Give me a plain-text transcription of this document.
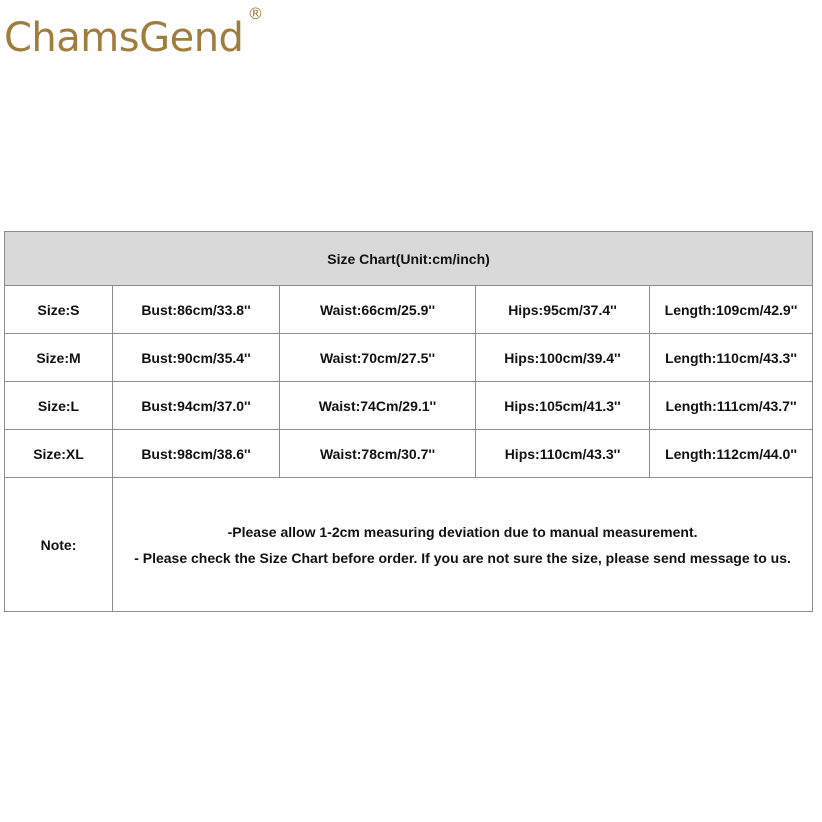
ChamsGend
®
Size Chart(Unit:cm/inch)				
Size:S	Bust:86cm/33.8''	Waist:66cm/25.9''	Hips:95cm/37.4''	Length:109cm/42.9''
Size:M	Bust:90cm/35.4''	Waist:70cm/27.5''	Hips:100cm/39.4''	Length:110cm/43.3''
Size:L	Bust:94cm/37.0''	Waist:74Cm/29.1''	Hips:105cm/41.3''	Length:111cm/43.7''
Size:XL	Bust:98cm/38.6''	Waist:78cm/30.7''	Hips:110cm/43.3''	Length:112cm/44.0''
Note:	-Please allow 1-2cm measuring deviation due to manual measurement.
- Please check the Size Chart before order. If you are not sure the size, please send message to us.			
